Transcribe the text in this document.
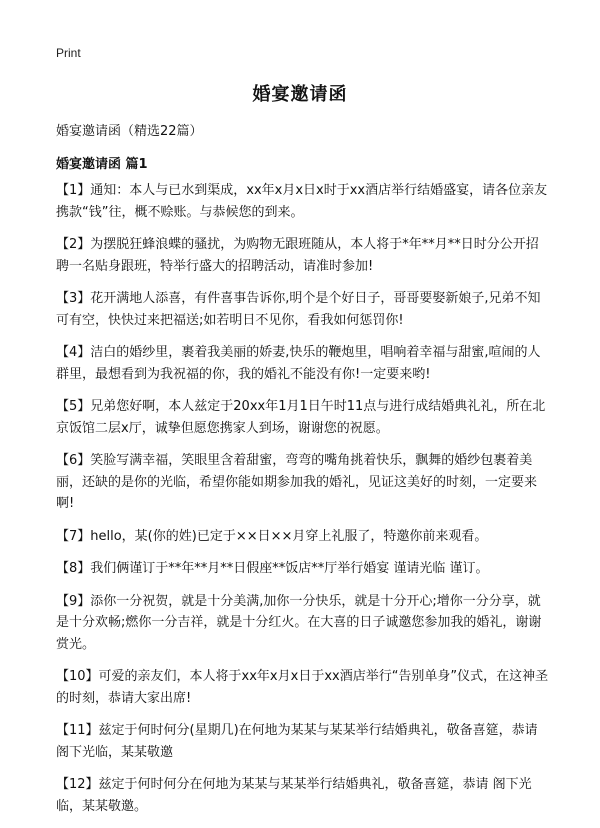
Print
婚宴邀请函
婚宴邀请函（精选22篇）
婚宴邀请函 篇1

【1】通知：本人与已水到渠成，xx年x月x日x时于xx酒店举行结婚盛宴，请各位亲友携款“钱”往，概不赊账。与恭候您的到来。

【2】为摆脱狂蜂浪蝶的骚扰，为购物无跟班随从，本人将于*年**月**日时分公开招聘一名贴身跟班，特举行盛大的招聘活动，请准时参加!

【3】花开满地人添喜，有件喜事告诉你,明个是个好日子，哥哥要娶新娘子,兄弟不知可有空，快快过来把福送;如若明日不见你，看我如何惩罚你!

【4】洁白的婚纱里，裹着我美丽的娇妻,快乐的鞭炮里，唱响着幸福与甜蜜,喧闹的人群里，最想看到为我祝福的你，我的婚礼不能没有你!一定要来哟!

【5】兄弟您好啊，本人兹定于20xx年1月1日午时11点与进行成结婚典礼礼，所在北京饭馆二层x厅，诚挚但愿您携家人到场，谢谢您的祝愿。

【6】笑脸写满幸福，笑眼里含着甜蜜，弯弯的嘴角挑着快乐，飘舞的婚纱包裹着美丽，还缺的是你的光临，希望你能如期参加我的婚礼，见证这美好的时刻，一定要来啊!

【7】hello，某(你的姓)已定于××日××月穿上礼服了，特邀你前来观看。

【8】我们俩谨订于**年**月**日假座**饭店**厅举行婚宴 谨请光临 谨订。

【9】添你一分祝贺，就是十分美满,加你一分快乐，就是十分开心;增你一分分享，就是十分欢畅;燃你一分吉祥，就是十分红火。在大喜的日子诚邀您参加我的婚礼，谢谢赏光。

【10】可爱的亲友们，本人将于xx年x月x日于xx酒店举行“告别单身”仪式，在这神圣的时刻，恭请大家出席!

【11】兹定于何时何分(星期几)在何地为某某与某某举行结婚典礼，敬备喜筵，恭请阁下光临，某某敬邀

【12】兹定于何时何分在何地为某某与某某举行结婚典礼，敬备喜筵，恭请 阁下光临，某某敬邀。
